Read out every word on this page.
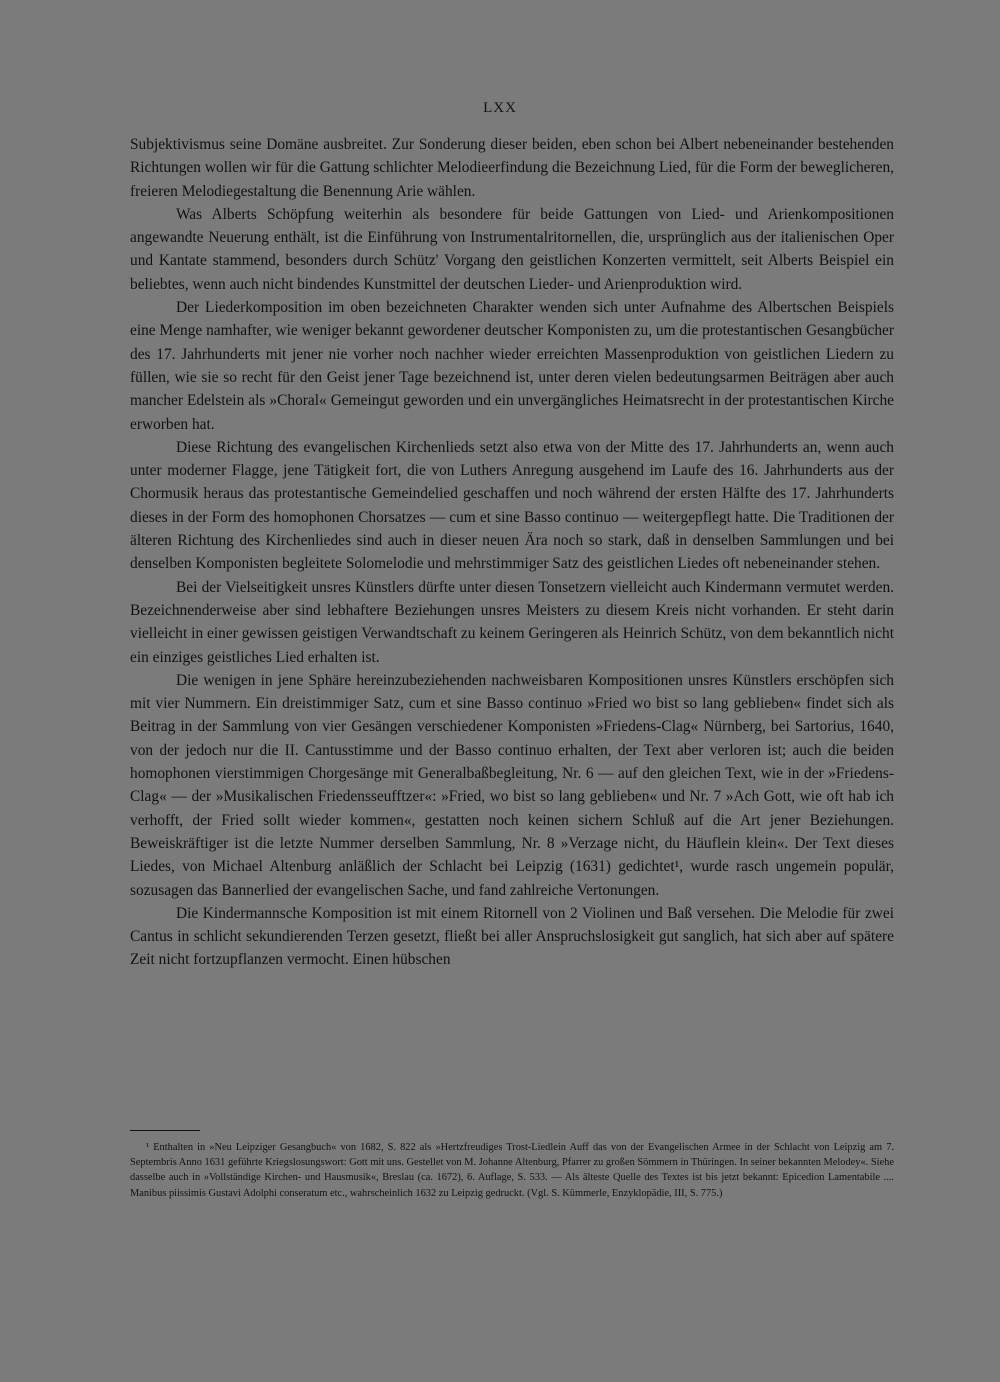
LXX

Subjektivismus seine Domäne ausbreitet. Zur Sonderung dieser beiden, eben schon bei Albert nebeneinander bestehenden Richtungen wollen wir für die Gattung schlichter Melodieerfindung die Bezeichnung Lied, für die Form der beweglicheren, freieren Melodiegestaltung die Benennung Arie wählen.

Was Alberts Schöpfung weiterhin als besondere für beide Gattungen von Lied- und Arienkompositionen angewandte Neuerung enthält, ist die Einführung von Instrumentalritornellen, die, ursprünglich aus der italienischen Oper und Kantate stammend, besonders durch Schütz' Vorgang den geistlichen Konzerten vermittelt, seit Alberts Beispiel ein beliebtes, wenn auch nicht bindendes Kunstmittel der deutschen Lieder- und Arienproduktion wird.

Der Liederkomposition im oben bezeichneten Charakter wenden sich unter Aufnahme des Albertschen Beispiels eine Menge namhafter, wie weniger bekannt gewordener deutscher Komponisten zu, um die protestantischen Gesangbücher des 17. Jahrhunderts mit jener nie vorher noch nachher wieder erreichten Massenproduktion von geistlichen Liedern zu füllen, wie sie so recht für den Geist jener Tage bezeichnend ist, unter deren vielen bedeutungsarmen Beiträgen aber auch mancher Edelstein als »Choral« Gemeingut geworden und ein unvergängliches Heimatsrecht in der protestantischen Kirche erworben hat.

Diese Richtung des evangelischen Kirchenlieds setzt also etwa von der Mitte des 17. Jahrhunderts an, wenn auch unter moderner Flagge, jene Tätigkeit fort, die von Luthers Anregung ausgehend im Laufe des 16. Jahrhunderts aus der Chormusik heraus das protestantische Gemeindelied geschaffen und noch während der ersten Hälfte des 17. Jahrhunderts dieses in der Form des homophonen Chorsatzes — cum et sine Basso continuo — weitergepflegt hatte. Die Traditionen der älteren Richtung des Kirchenliedes sind auch in dieser neuen Ära noch so stark, daß in denselben Sammlungen und bei denselben Komponisten begleitete Solomelodie und mehrstimmiger Satz des geistlichen Liedes oft nebeneinander stehen.

Bei der Vielseitigkeit unsres Künstlers dürfte unter diesen Tonsetzern vielleicht auch Kindermann vermutet werden. Bezeichnenderweise aber sind lebhaftere Beziehungen unsres Meisters zu diesem Kreis nicht vorhanden. Er steht darin vielleicht in einer gewissen geistigen Verwandtschaft zu keinem Geringeren als Heinrich Schütz, von dem bekanntlich nicht ein einziges geistliches Lied erhalten ist.

Die wenigen in jene Sphäre hereinzubeziehenden nachweisbaren Kompositionen unsres Künstlers erschöpfen sich mit vier Nummern. Ein dreistimmiger Satz, cum et sine Basso continuo »Fried wo bist so lang geblieben« findet sich als Beitrag in der Sammlung von vier Gesängen verschiedener Komponisten »Friedens-Clag« Nürnberg, bei Sartorius, 1640, von der jedoch nur die II. Cantusstimme und der Basso continuo erhalten, der Text aber verloren ist; auch die beiden homophonen vierstimmigen Chorgesänge mit Generalbaßbegleitung, Nr. 6 — auf den gleichen Text, wie in der »Friedens-Clag« — der »Musikalischen Friedensseufftzer«: »Fried, wo bist so lang geblieben« und Nr. 7 »Ach Gott, wie oft hab ich verhofft, der Fried sollt wieder kommen«, gestatten noch keinen sichern Schluß auf die Art jener Beziehungen. Beweiskräftiger ist die letzte Nummer derselben Sammlung, Nr. 8 »Verzage nicht, du Häuflein klein«. Der Text dieses Liedes, von Michael Altenburg anläßlich der Schlacht bei Leipzig (1631) gedichtet¹, wurde rasch ungemein populär, sozusagen das Bannerlied der evangelischen Sache, und fand zahlreiche Vertonungen.

Die Kindermannsche Komposition ist mit einem Ritornell von 2 Violinen und Baß versehen. Die Melodie für zwei Cantus in schlicht sekundierenden Terzen gesetzt, fließt bei aller Anspruchslosigkeit gut sanglich, hat sich aber auf spätere Zeit nicht fortzupflanzen vermocht. Einen hübschen

¹ Enthalten in »Neu Leipziger Gesangbuch« von 1682, S. 822 als »Hertzfreudiges Trost-Liedlein Auff das von der Evangelischen Armee in der Schlacht von Leipzig am 7. Septembris Anno 1631 geführte Kriegslosungswort: Gott mit uns. Gestellet von M. Johanne Altenburg, Pfarrer zu großen Sömmern in Thüringen. In seiner bekannten Melodey«. Siehe dasselbe auch in »Vollständige Kirchen- und Hausmusik«, Breslau (ca. 1672), 6. Auflage, S. 533. — Als älteste Quelle des Textes ist bis jetzt bekannt: Epicedion Lamentabile .... Manibus piissimis Gustavi Adolphi conseratum etc., wahrscheinlich 1632 zu Leipzig gedruckt. (Vgl. S. Kümmerle, Enzyklopädie, III, S. 775.)
